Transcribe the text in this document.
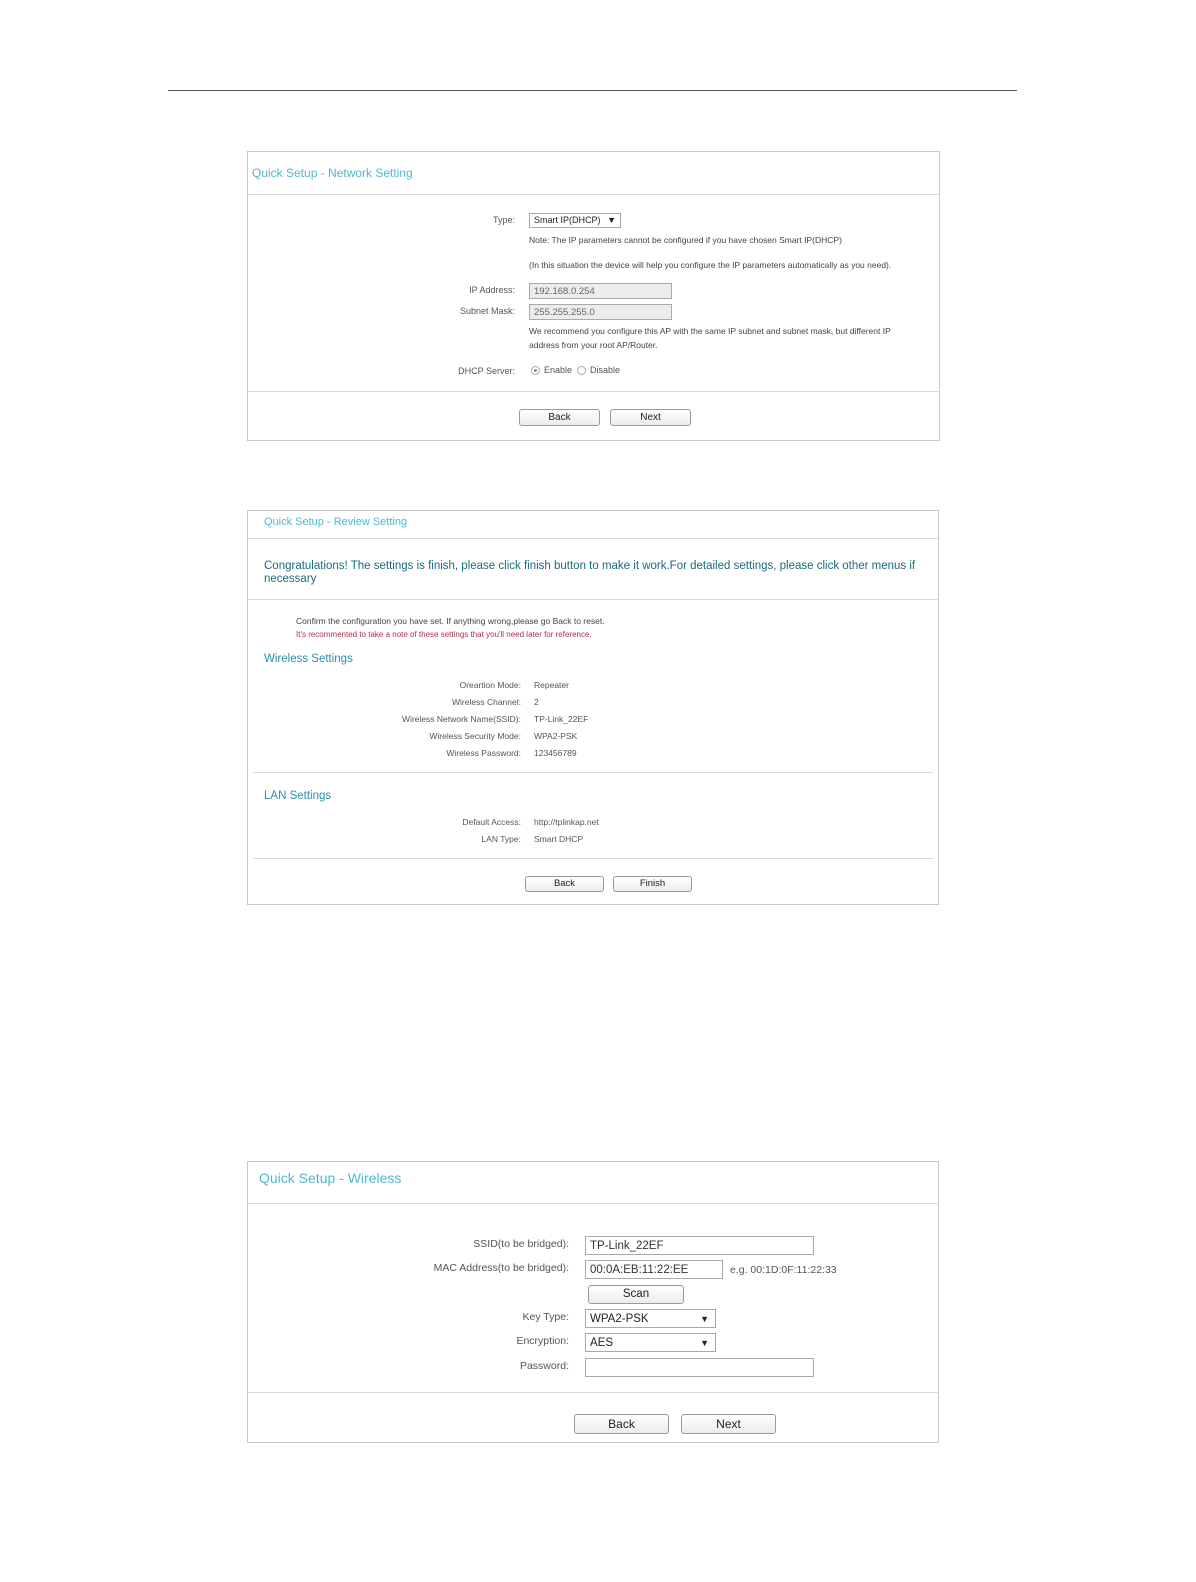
Quick Setup - Network Setting
Type:	Smart IP(DHCP) ▼
Note: The IP parameters cannot be configured if you have chosen Smart IP(DHCP)
(In this situation the device will help you configure the IP parameters automatically as you need).
IP Address:	192.168.0.254
Subnet Mask:	255.255.255.0
We recommend you configure this AP with the same IP subnet and subnet mask, but different IP
address from your root AP/Router.
DHCP Server:	Enable Disable
Back	Next
Quick Setup - Review Setting
Congratulations! The settings is finish, please click finish button to make it work.For detailed settings, please click other menus if
necessary
Confirm the configuration you have set. If anything wrong,please go Back to reset.
It's recommented to take a note of these settings that you'll need later for reference.
Wireless Settings
Oreartion Mode: Repeater
Wireless Channel: 2
Wireless Network Name(SSID): TP-Link_22EF
Wireless Security Mode: WPA2-PSK
Wireless Password: 123456789
LAN Settings
Default Access: http://tplinkap.net
LAN Type: Smart DHCP
Back	Finish
Quick Setup - Wireless
SSID(to be bridged):	TP-Link_22EF
MAC Address(to be bridged):	00:0A:EB:11:22:EE	e.g. 00:1D:0F:11:22:33
Scan
Key Type:	WPA2-PSK	▼
Encryption:	AES	▼
Password:
Back	Next
